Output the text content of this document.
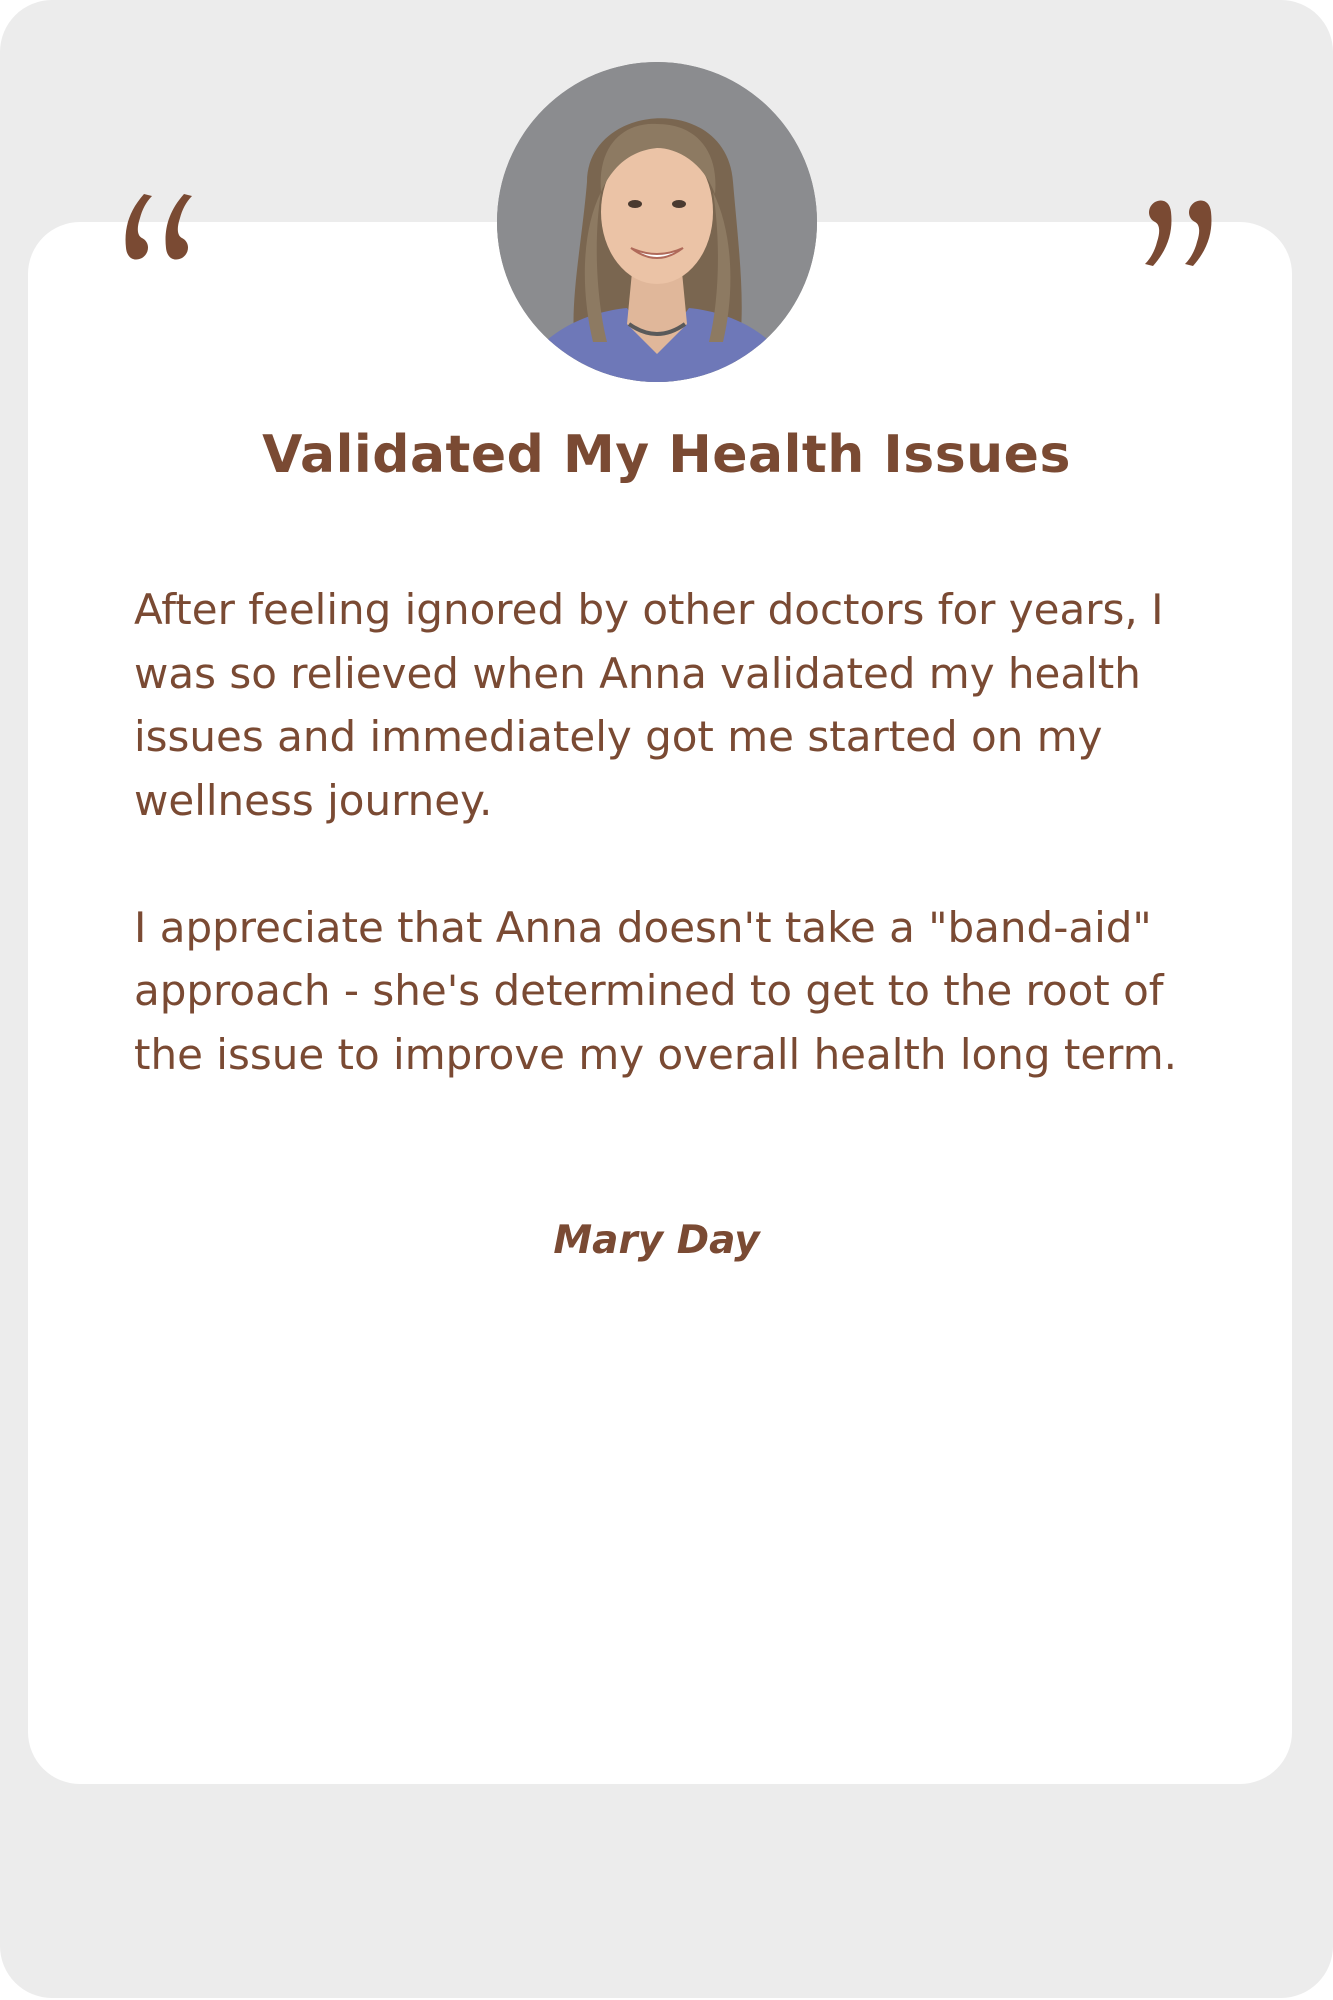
Validated My Health Issues

After feeling ignored by other doctors for years, I was so relieved when Anna validated my health issues and immediately got me started on my wellness journey.

I appreciate that Anna doesn't take a "band-aid" approach - she's determined to get to the root of the issue to improve my overall health long term.

Mary Day
